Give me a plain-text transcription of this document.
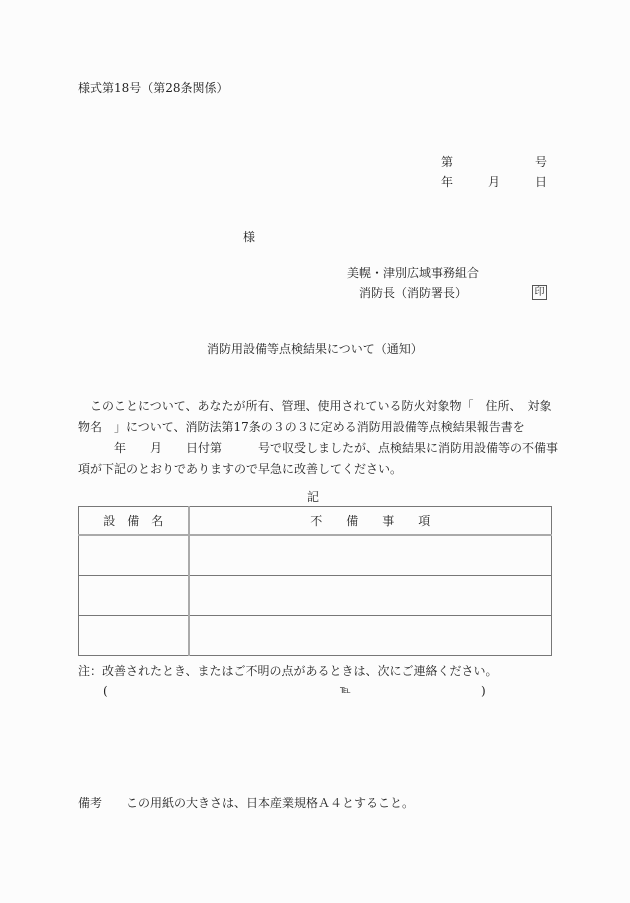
様式第18号（第28条関係）
第	号
年	月	日
様
美幌・津別広域事務組合
消防長（消防署長）	印
消防用設備等点検結果について（通知）
　このことについて、あなたが所有、管理、使用されている防火対象物「　住所、　対象
物名　」について、消防法第17条の３の３に定める消防用設備等点検結果報告書を
　　　年　　月　　日付第　　　号で収受しましたが、点検結果に消防用設備等の不備事
項が下記のとおりでありますので早急に改善してください。
記
設　備　名	不　　備　　事　　項

注：改善されたとき、またはご不明の点があるときは、次にご連絡ください。
(	℡	)
備考 この用紙の大きさは、日本産業規格Ａ４とすること。
